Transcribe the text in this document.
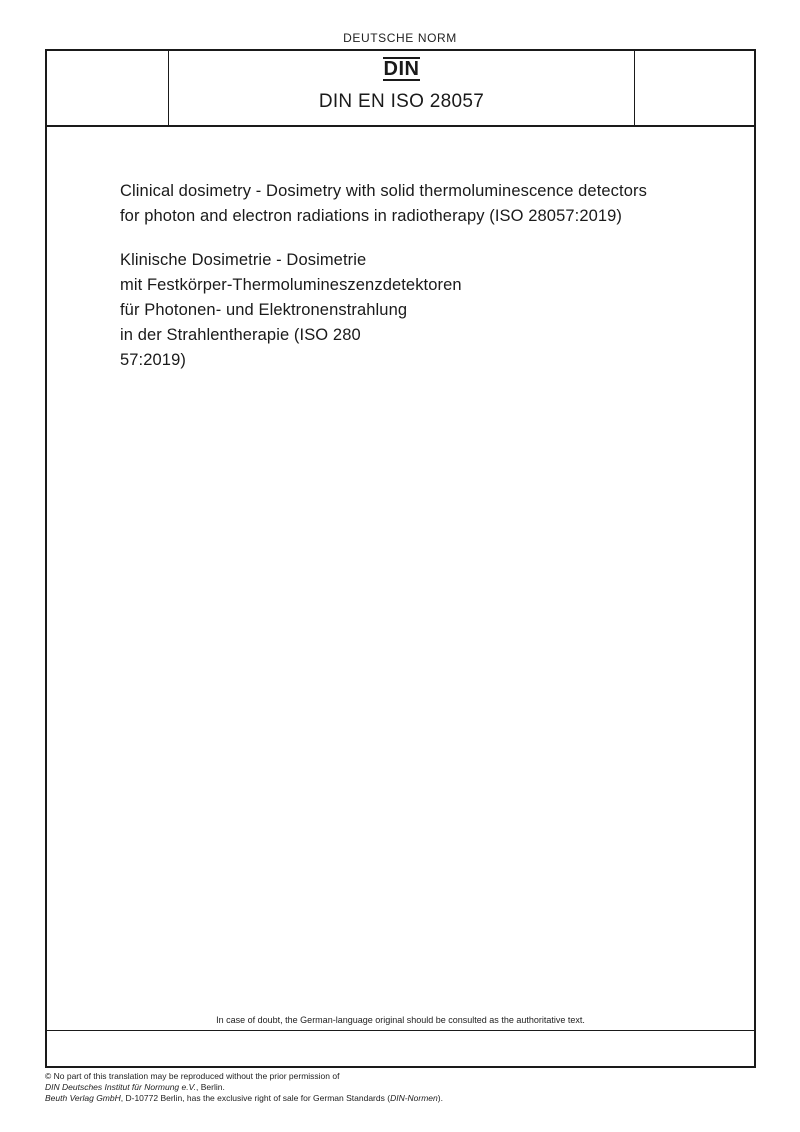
DEUTSCHE NORM
DIN
DIN EN ISO 28057
Clinical dosimetry - Dosimetry with solid thermoluminescence detectors
for photon and electron radiations in radiotherapy (ISO 28057:2019)
Klinische Dosimetrie - Dosimetrie
mit Festkörper-Thermolumineszenzdetektoren
für Photonen- und Elektronenstrahlung
in der Strahlentherapie (ISO 280
57:2019)
In case of doubt, the German-language original should be consulted as the authoritative text.
© No part of this translation may be reproduced without the prior permission of
DIN Deutsches Institut für Normung e.V., Berlin.
Beuth Verlag GmbH, D-10772 Berlin, has the exclusive right of sale for German Standards (DIN-Normen).
